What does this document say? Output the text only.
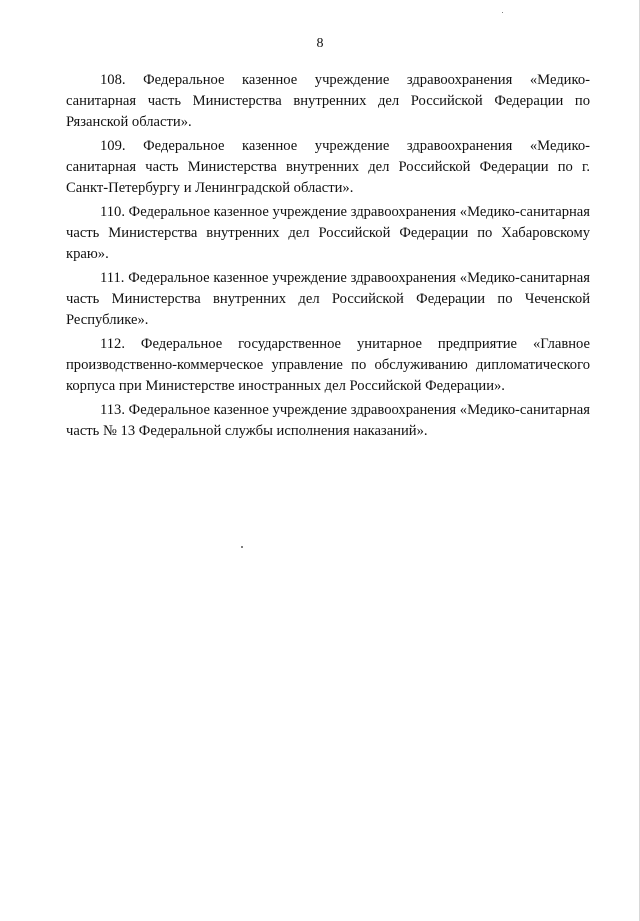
8

108. Федеральное казенное учреждение здравоохранения «Медико-санитарная часть Министерства внутренних дел Российской Федерации по Рязанской области».

109. Федеральное казенное учреждение здравоохранения «Медико-санитарная часть Министерства внутренних дел Российской Федерации по г. Санкт-Петербургу и Ленинградской области».

110. Федеральное казенное учреждение здравоохранения «Медико-санитарная часть Министерства внутренних дел Российской Федерации по Хабаровскому краю».

111. Федеральное казенное учреждение здравоохранения «Медико-санитарная часть Министерства внутренних дел Российской Федерации по Чеченской Республике».

112. Федеральное государственное унитарное предприятие «Главное производственно-коммерческое управление по обслуживанию дипломатического корпуса при Министерстве иностранных дел Российской Федерации».

113. Федеральное казенное учреждение здравоохранения «Медико-санитарная часть № 13 Федеральной службы исполнения наказаний».
